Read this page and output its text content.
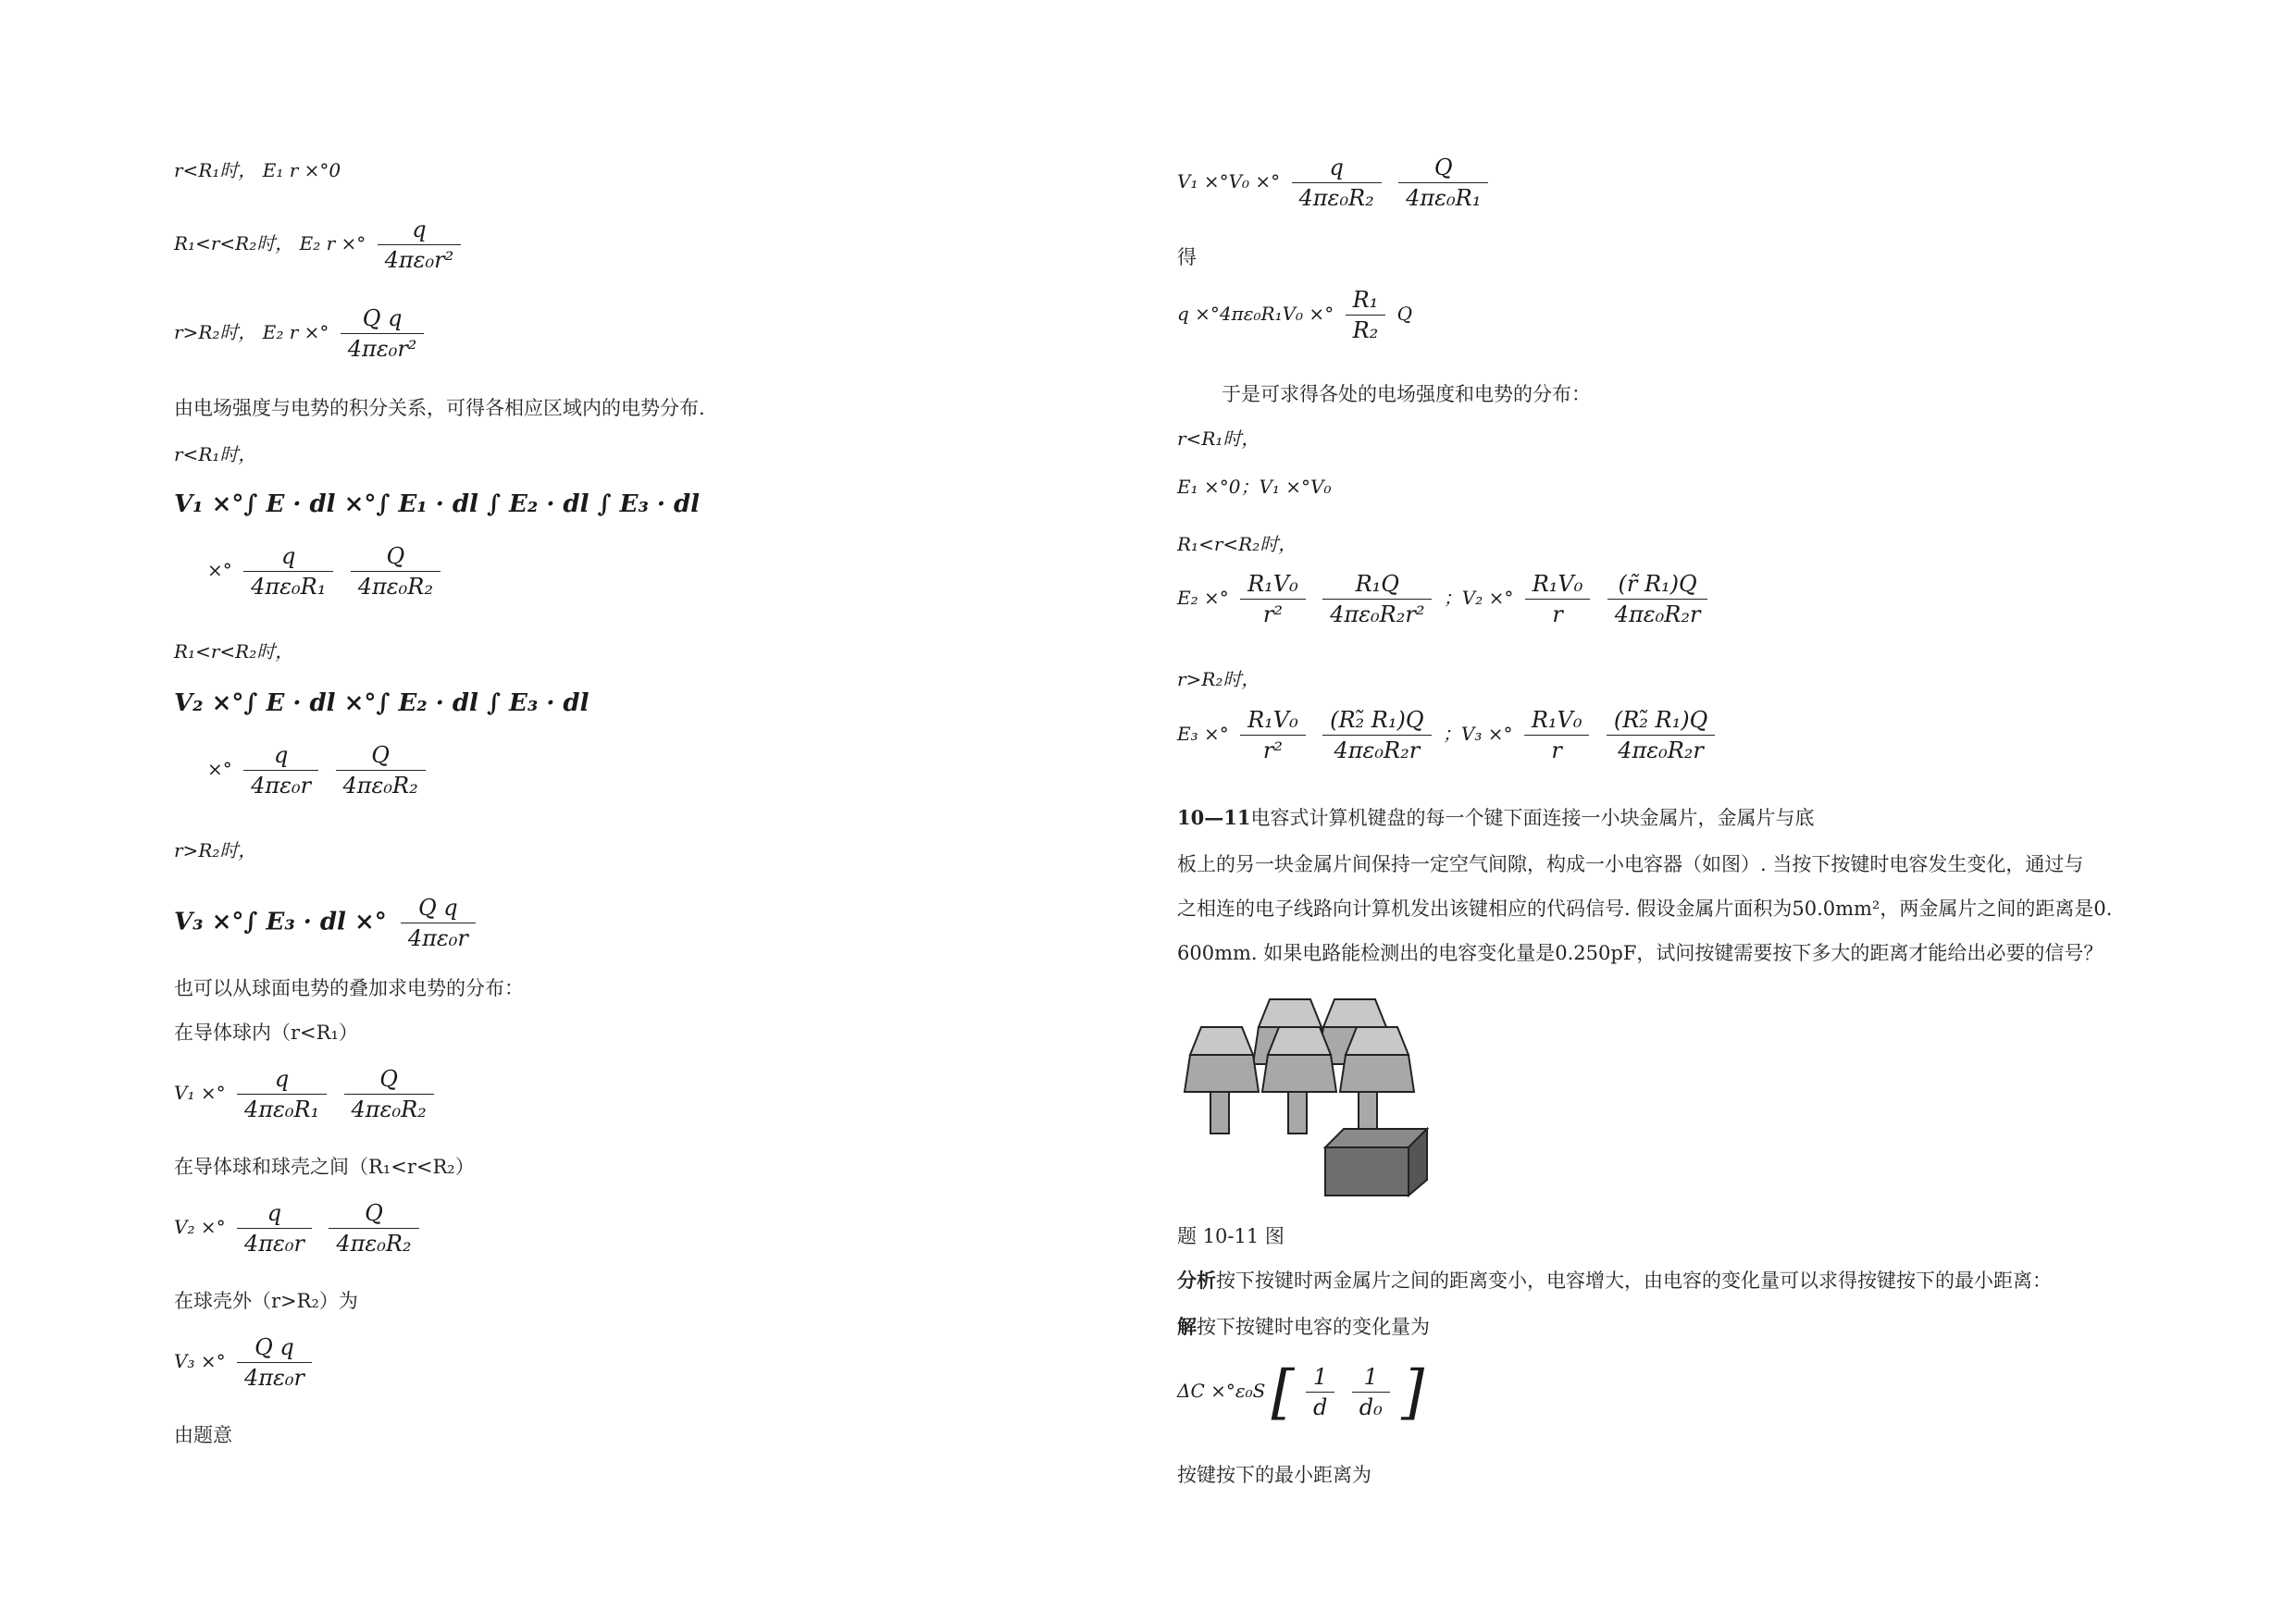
r<R₁时， E₁ r ×°0
R₁<r<R₂时， E₂ r ×° $\frac{q}{\text{4πε₀r²}}$
r>R₂时， E₂ r ×° $\frac{\text{Q q}}{\text{4πε₀r²}}$
由电场强度与电势的积分关系，可得各相应区域内的电势分布.
r<R₁时，
V₁ ×°∫ E · dl ×°∫ E₁ · dl ∫ E₂ · dl ∫ E₃ · dl
×° $\frac{q}{\text{4πε₀R₁}}$
$\frac{Q}{\text{4πε₀R₂}}$
R₁<r<R₂时，
V₂ ×°∫ E · dl ×°∫ E₂ · dl ∫ E₃ · dl
×° $\frac{q}{\text{4πε₀r}}$
$\frac{Q}{\text{4πε₀R₂}}$
r>R₂时，
V₃ ×°∫ E₃ · dl ×° $\frac{\text{Q q}}{\text{4πε₀r}}$
也可以从球面电势的叠加求电势的分布：
在导体球内（r<R₁）
V₁ ×° $\frac{q}{\text{4πε₀R₁}}$
$\frac{Q}{\text{4πε₀R₂}}$
在导体球和球壳之间（R₁<r<R₂）
V₂ ×° $\frac{q}{\text{4πε₀r}}$
$\frac{Q}{\text{4πε₀R₂}}$
在球壳外（r>R₂）为
V₃ ×° $\frac{\text{Q q}}{\text{4πε₀r}}$
由题意
V₁ ×°V₀ ×° $\frac{q}{\text{4πε₀R₂}}$
$\frac{Q}{\text{4πε₀R₁}}$
得
q ×°4πε₀R₁V₀ ×° $\frac{\text{R₁}}{\text{R₂}}$ Q
于是可求得各处的电场强度和电势的分布：
r<R₁时，
E₁ ×°0；V₁ ×°V₀
R₁<r<R₂时，
E₂ ×° $\frac{\text{R₁V₀}}{\text{r²}}$
$\frac{\text{R₁Q}}{\text{4πε₀R₂r²}}$ ；V₂ ×° $\frac{\text{R₁V₀}}{r}$
$\frac{\text{(r̃ R₁)Q}}{\text{4πε₀R₂r}}$
r>R₂时，
E₃ ×° $\frac{\text{R₁V₀}}{\text{r²}}$
$\frac{\text{(R₂̃ R₁)Q}}{\text{4πε₀R₂r}}$ ；V₃ ×° $\frac{\text{R₁V₀}}{r}$
$\frac{\text{(R₂̃ R₁)Q}}{\text{4πε₀R₂r}}$
10—11电容式计算机键盘的每一个键下面连接一小块金属片，金属片与底
板上的另一块金属片间保持一定空气间隙，构成一小电容器（如图）. 当按下按键时电容发生变化，通过与
之相连的电子线路向计算机发出该键相应的代码信号. 假设金属片面积为50.0mm²，两金属片之间的距离是0.
600mm. 如果电路能检测出的电容变化量是0.250pF，试问按键需要按下多大的距离才能给出必要的信号？
题 10-11 图
分析按下按键时两金属片之间的距离变小，电容增大，由电容的变化量可以求得按键按下的最小距离：
解按下按键时电容的变化量为
ΔC ×°ε₀S [ $\frac{1}{d}$
$\frac{1}{\text{d₀}}$ ]
按键按下的最小距离为
